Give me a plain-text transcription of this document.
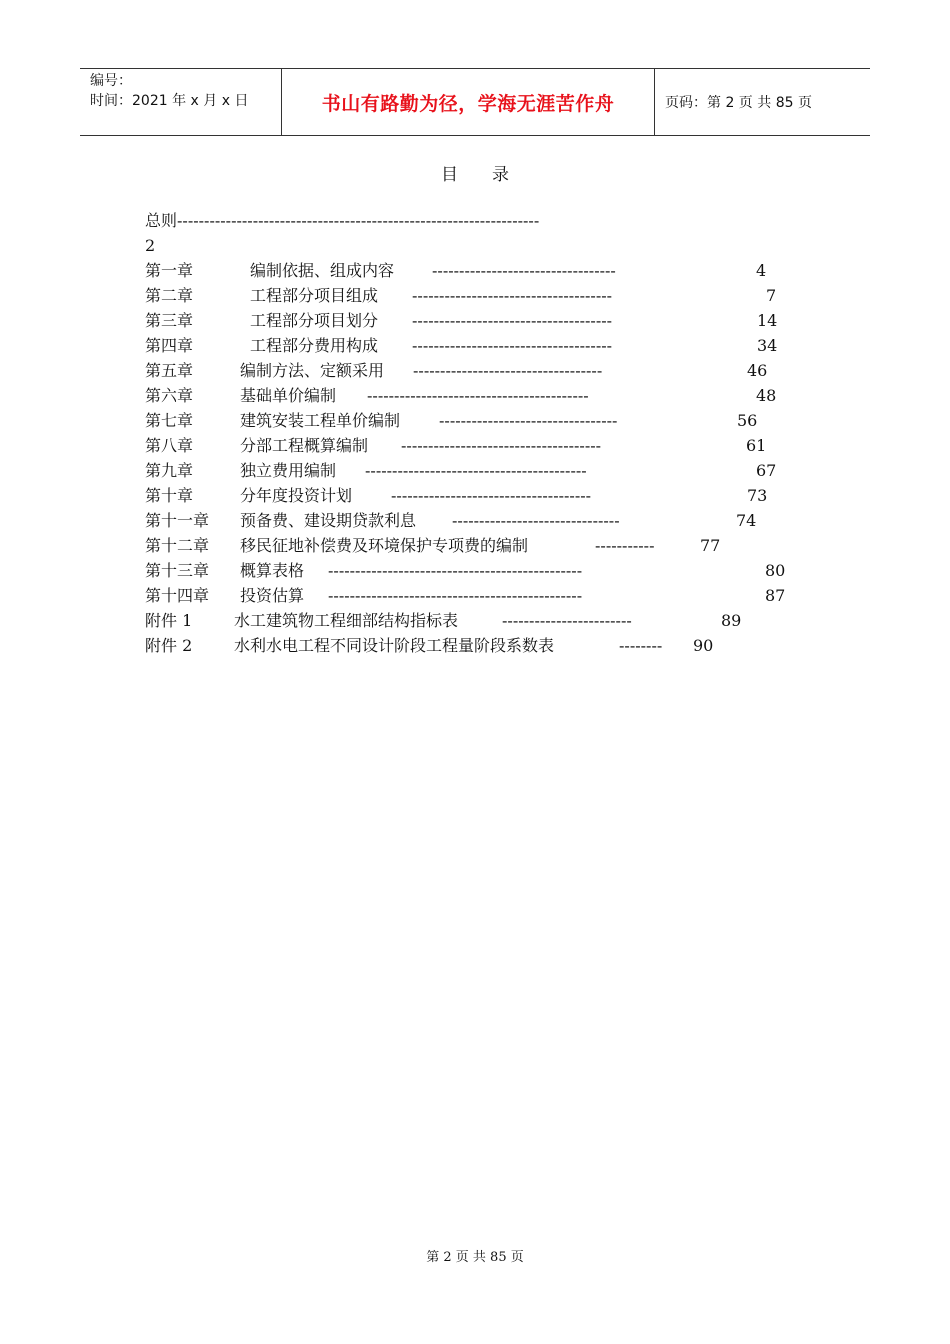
编号：
时间：2021 年 x 月 x 日	书山有路勤为径，学海无涯苦作舟	页码：第 2 页 共 85 页
目 录
总则 -------------------------------------------------------------------
2
第一章	编制依据、组成内容 ----------------------------------	4
第二章	工程部分项目组成 -------------------------------------	7
第三章	工程部分项目划分 -------------------------------------	14
第四章	工程部分费用构成 -------------------------------------	34
第五章	编制方法、定额采用 -----------------------------------	46
第六章	基础单价编制 -----------------------------------------	48
第七章	建筑安装工程单价编制 ---------------------------------	56
第八章	分部工程概算编制 -------------------------------------	61
第九章	独立费用编制 -----------------------------------------	67
第十章	分年度投资计划 -------------------------------------	73
第十一章 预备费、建设期贷款利息 -------------------------------	74
第十二章 移民征地补偿费及环境保护专项费的编制	-----------	77
第十三章 概算表格 -----------------------------------------------	80
第十四章 投资估算 -----------------------------------------------	87
附件 1	水工建筑物工程细部结构指标表	------------------------	89
附件 2	水利水电工程不同设计阶段工程量阶段系数表	-------- 90
第 2 页 共 85 页
